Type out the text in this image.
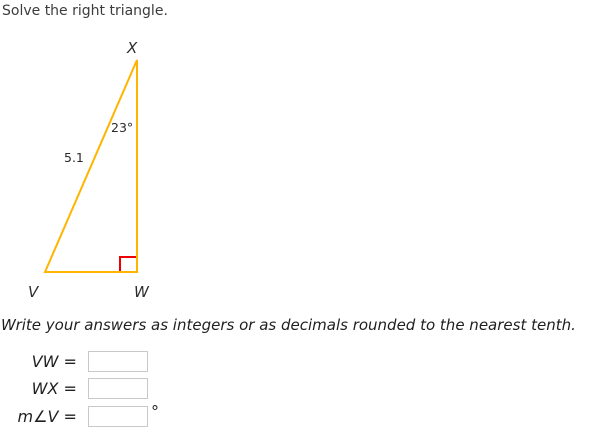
Solve the right triangle.
X
V	W
23°
5.1
Write your answers as integers or as decimals rounded to the nearest tenth.
VW =
WX =
m∠V =	°
